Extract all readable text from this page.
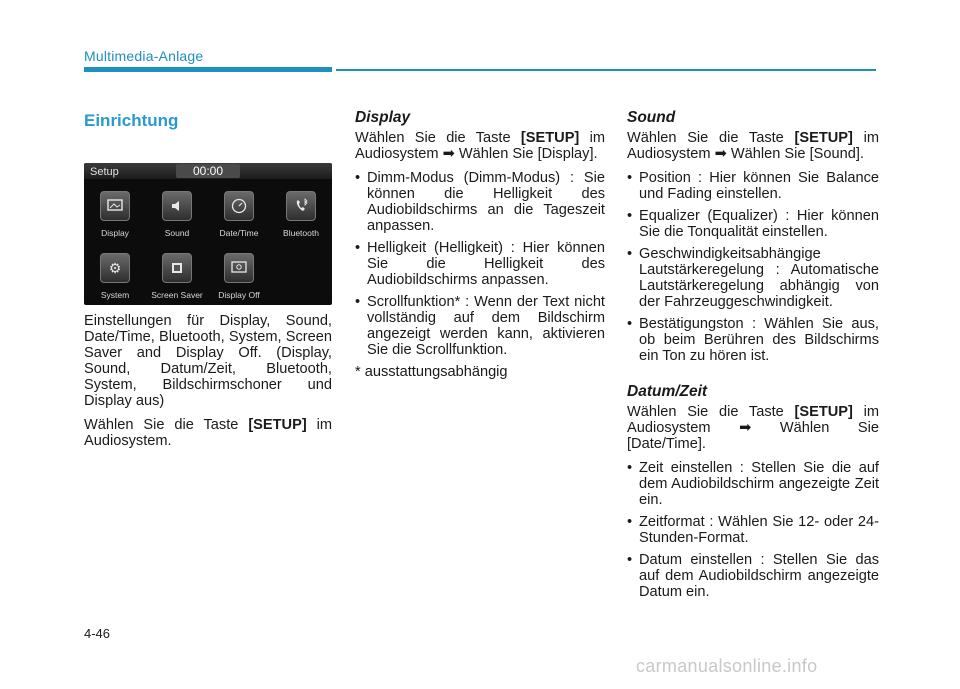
Multimedia-Anlage
Einrichtung
Setup	00:00
Display	Sound	Date/Time	Bluetooth
⚙
System	Screen Saver	Display Off

Einstellungen für Display, Sound, Date/Time, Bluetooth, System, Screen Saver and Display Off. (Display, Sound, Datum/Zeit, Bluetooth, System, Bildschirmschoner und Display aus)

Wählen Sie die Taste [SETUP] im Audiosystem.

Display

Wählen Sie die Taste [SETUP] im Audiosystem ➡ Wählen Sie [Display].

• Dimm-Modus (Dimm-Modus) : Sie können die Helligkeit des Audiobildschirms an die Tageszeit anpassen.
• Helligkeit (Helligkeit) : Hier können Sie die Helligkeit des Audiobildschirms anpassen.
• Scrollfunktion* : Wenn der Text nicht vollständig auf dem Bildschirm angezeigt werden kann, aktivieren Sie die Scrollfunktion.
* ausstattungsabhängig
Sound

Wählen Sie die Taste [SETUP] im Audiosystem ➡ Wählen Sie [Sound].

• Position : Hier können Sie Balance und Fading einstellen.
• Equalizer (Equalizer) : Hier können Sie die Tonqualität einstellen.
• Geschwindigkeitsabhängige Lautstärkeregelung : Automatische Lautstärkeregelung abhängig von der Fahrzeuggeschwindigkeit.
• Bestätigungston : Wählen Sie aus, ob beim Berühren des Bildschirms ein Ton zu hören ist.
Datum/Zeit

Wählen Sie die Taste [SETUP] im Audiosystem ➡ Wählen Sie [Date/Time].

• Zeit einstellen : Stellen Sie die auf dem Audiobildschirm angezeigte Zeit ein.
• Zeitformat : Wählen Sie 12- oder 24-Stunden-Format.
• Datum einstellen : Stellen Sie das auf dem Audiobildschirm angezeigte Datum ein.
4-46
carmanualsonline.info
